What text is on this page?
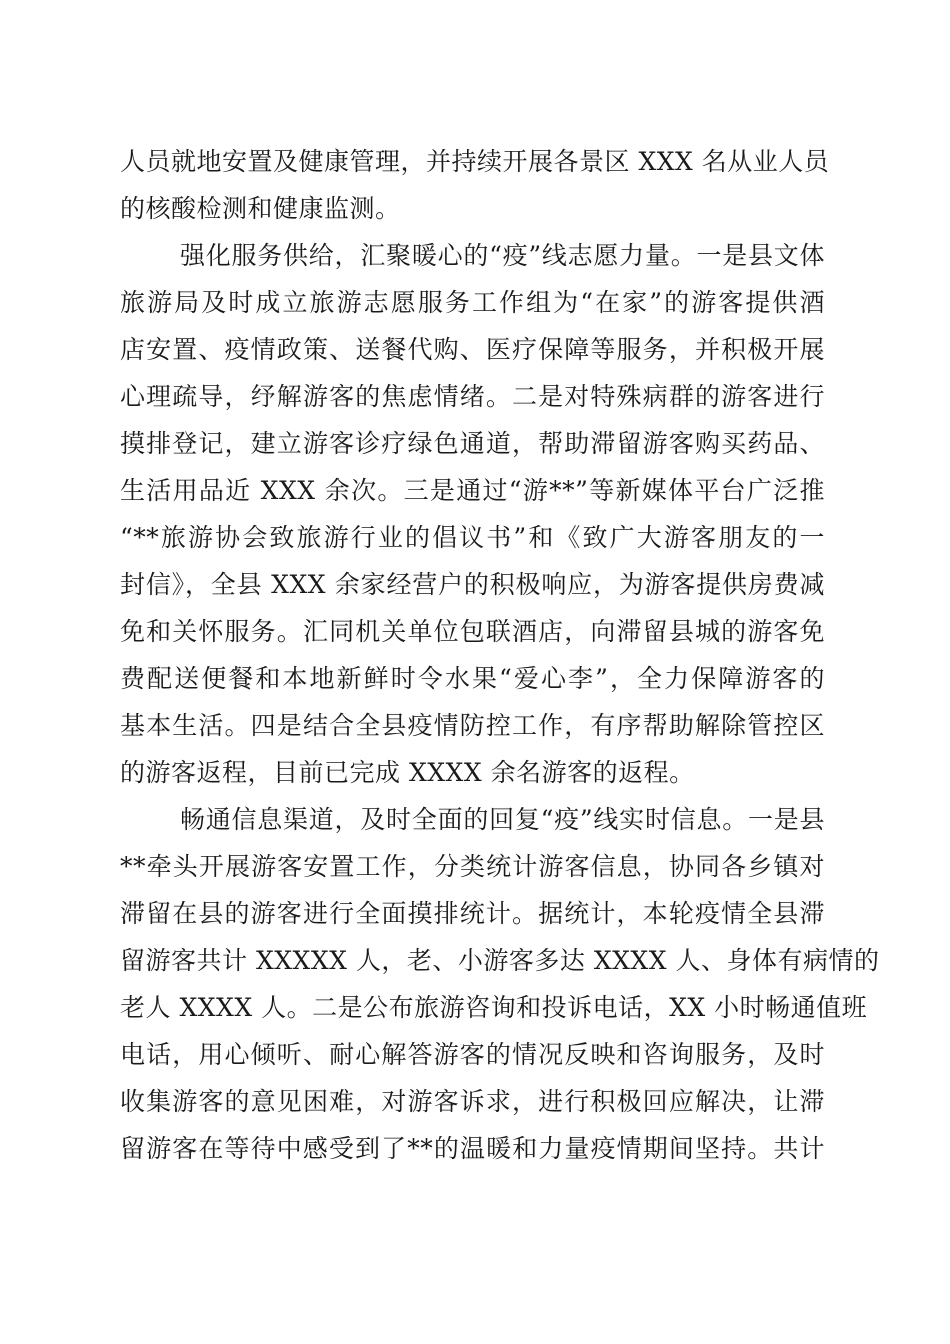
人员就地安置及健康管理，并持续开展各景区 XXX 名从业人员
的核酸检测和健康监测。
强化服务供给，汇聚暖心的“疫”线志愿力量。一是县文体
旅游局及时成立旅游志愿服务工作组为“在家”的游客提供酒
店安置、疫情政策、送餐代购、医疗保障等服务，并积极开展
心理疏导，纾解游客的焦虑情绪。二是对特殊病群的游客进行
摸排登记，建立游客诊疗绿色通道，帮助滞留游客购买药品、
生活用品近 XXX 余次。三是通过“游**”等新媒体平台广泛推
“**旅游协会致旅游行业的倡议书”和《致广大游客朋友的一
封信》，全县 XXX 余家经营户的积极响应，为游客提供房费减
免和关怀服务。汇同机关单位包联酒店，向滞留县城的游客免
费配送便餐和本地新鲜时令水果“爱心李”，全力保障游客的
基本生活。四是结合全县疫情防控工作，有序帮助解除管控区
的游客返程，目前已完成 XXXX 余名游客的返程。
畅通信息渠道，及时全面的回复“疫”线实时信息。一是县
**牵头开展游客安置工作，分类统计游客信息，协同各乡镇对
滞留在县的游客进行全面摸排统计。据统计，本轮疫情全县滞
留游客共计 XXXXX 人，老、小游客多达 XXXX 人、身体有病情的
老人 XXXX 人。二是公布旅游咨询和投诉电话，XX 小时畅通值班
电话，用心倾听、耐心解答游客的情况反映和咨询服务，及时
收集游客的意见困难，对游客诉求，进行积极回应解决，让滞
留游客在等待中感受到了**的温暖和力量疫情期间坚持。共计
